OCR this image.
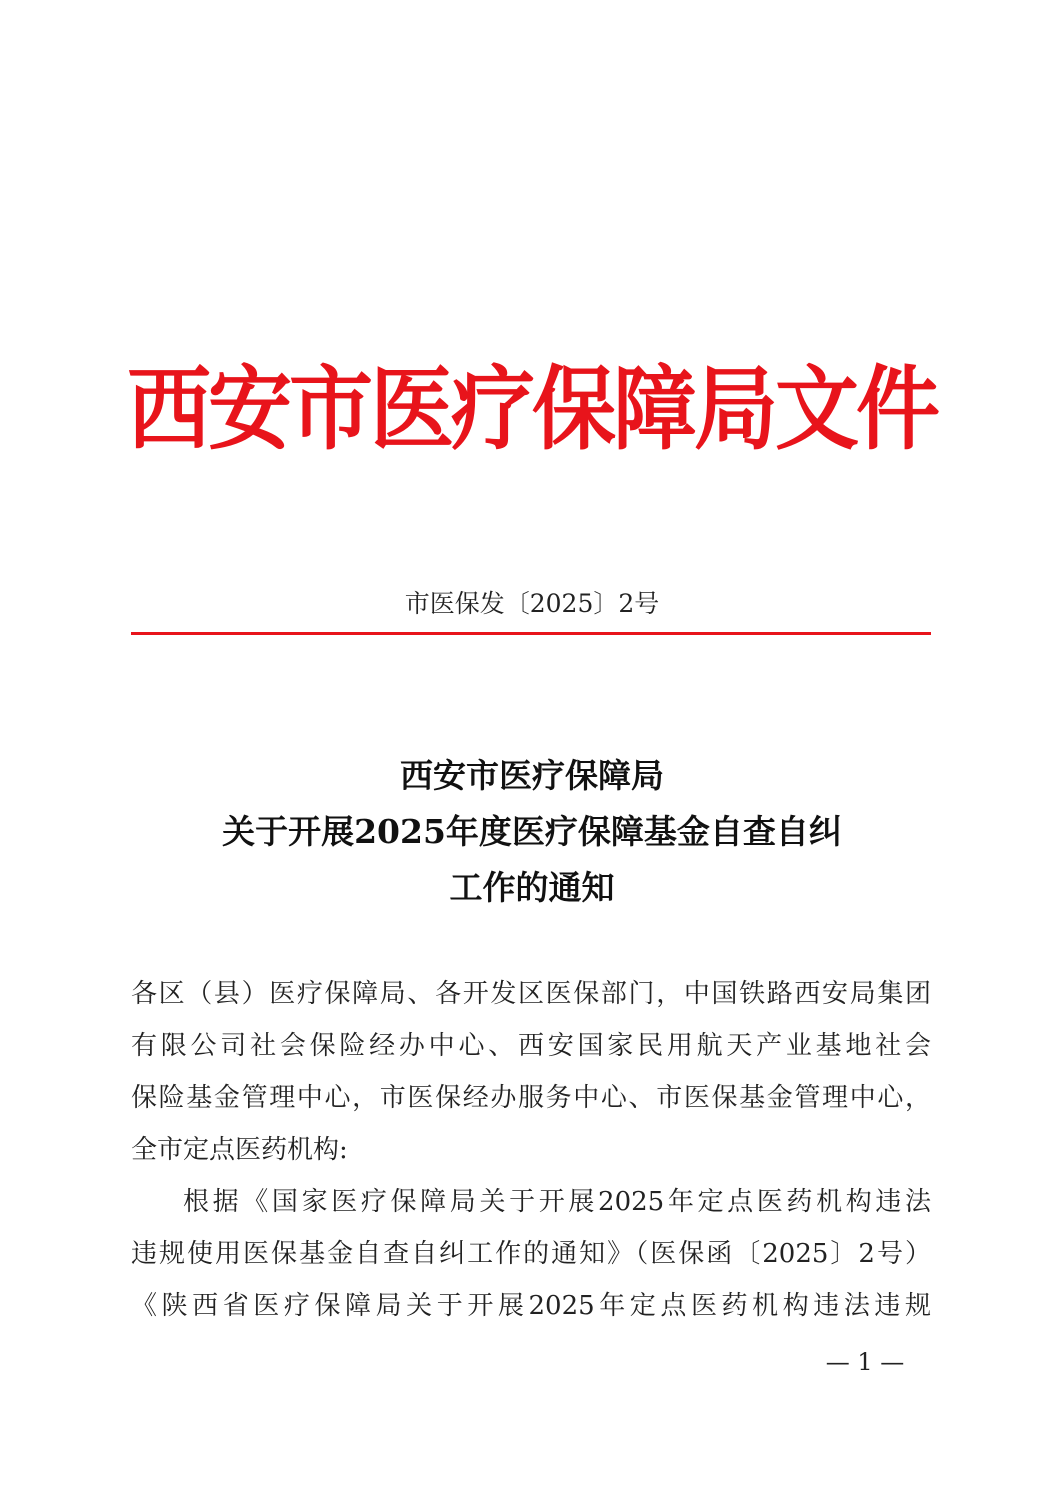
西安市医疗保障局文件
市医保发〔2025〕2号
西安市医疗保障局
关于开展2025年度医疗保障基金自查自纠
工作的通知
各区（县）医疗保障局、各开发区医保部门，中国铁路西安局集团
有限公司社会保险经办中心、西安国家民用航天产业基地社会
保险基金管理中心，市医保经办服务中心、市医保基金管理中心，
全市定点医药机构:
根据《国家医疗保障局关于开展2025年定点医药机构违法
违规使用医保基金自查自纠工作的通知》（医保函〔2025〕2号）
《陕西省医疗保障局关于开展2025年定点医药机构违法违规
— 1 —
